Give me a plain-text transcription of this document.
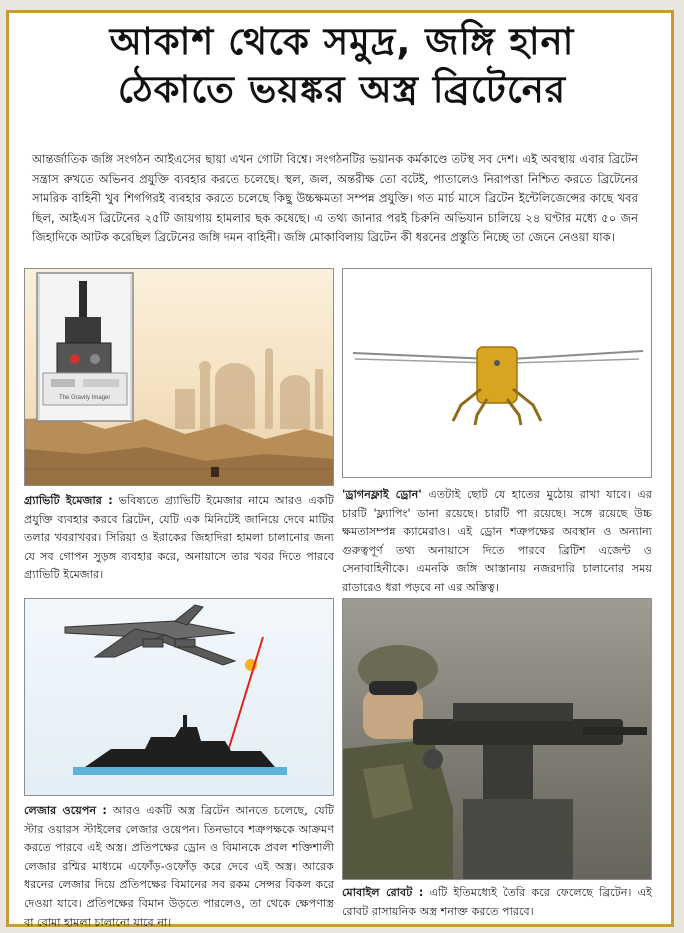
আকাশ থেকে সমুদ্র, জঙ্গি হানা
ঠেকাতে ভয়ঙ্কর অস্ত্র ব্রিটেনের
আন্তর্জাতিক জঙ্গি সংগঠন আইএসের ছায়া এখন গোটা বিশ্বে। সংগঠনটির ভয়ানক কর্মকাণ্ডে তটস্থ সব দেশ। এই অবস্থায় এবার ব্রিটেন সন্ত্রাস রুখতে অভিনব প্রযুক্তি ব্যবহার করতে চলেছে। স্থল, জল, অন্তরীক্ষ তো বটেই, পাতালেও নিরাপত্তা নিশ্চিত করতে ব্রিটেনের সামরিক বাহিনী খুব শিগগিরই ব্যবহার করতে চলেছে কিছু উচ্চক্ষমতা সম্পন্ন প্রযুক্তি। গত মার্চ মাসে ব্রিটেন ইন্টেলিজেন্সের কাছে খবর ছিল, আইএস ব্রিটেনের ২৫টি জায়গায় হামলার ছক কষেছে। এ তথ্য জানার পরই চিরুনি অভিযান চালিয়ে ২৪ ঘণ্টার মধ্যে ৫০ জন জিহাদিকে আটক করেছিল ব্রিটেনের জঙ্গি দমন বাহিনী। জঙ্গি মোকাবিলায় ব্রিটেন কী ধরনের প্রস্তুতি নিচ্ছে তা জেনে নেওয়া যাক।
The Gravity Imager
গ্র্যাভিটি ইমেজার : ভবিষ্যতে গ্র্যাভিটি ইমেজার নামে আরও একটি প্রযুক্তি ব্যবহার করবে ব্রিটেন, যেটি এক মিনিটেই জানিয়ে দেবে মাটির তলার খবরাখবর। সিরিয়া ও ইরাকের জিহাদিরা হামলা চালানোর জন্য যে সব গোপন সুড়ঙ্গ ব্যবহার করে, অনায়াসে তার খবর দিতে পারবে গ্র্যাভিটি ইমেজার।
'ড্রাগনফ্লাই ড্রোন' এতটাই ছোট যে হাতের মুঠোয় রাখা যাবে। এর চারটি 'ফ্ল্যাপিং' ডানা রয়েছে। চারটি পা রয়েছে। সঙ্গে রয়েছে উচ্চ ক্ষমতাসম্পন্ন ক্যামেরাও। এই ড্রোন শত্রুপক্ষের অবস্থান ও অন্যান্য গুরুত্বপূর্ণ তথ্য অনায়াসে দিতে পারবে ব্রিটিশ এজেন্ট ও সেনাবাহিনীকে। এমনকি জঙ্গি আস্তানায় নজরদারি চালানোর সময় রাডারেও ধরা পড়বে না এর অস্তিত্ব।
লেজার ওয়েপন : আরও একটি অস্ত্র ব্রিটেন আনতে চলেছে, যেটি স্টার ওয়ারস স্টাইলের লেজার ওয়েপন। তিনভাবে শত্রুপক্ষকে আক্রমণ করতে পারবে এই অস্ত্র। প্রতিপক্ষের ড্রোন ও বিমানকে প্রবল শক্তিশালী লেজার রশ্মির মাধ্যমে এফোঁড়-ওফোঁড় করে দেবে এই অস্ত্র। আরেক ধরনের লেজার দিয়ে প্রতিপক্ষের বিমানের সব রকম সেন্সর বিকল করে দেওয়া যাবে। প্রতিপক্ষের বিমান উড়তে পারলেও, তা থেকে ক্ষেপণাস্ত্র বা বোমা হামলা চালানো যাবে না।
মোবাইল রোবট : এটি ইতিমধ্যেই তৈরি করে ফেলেছে ব্রিটেন। এই রোবট রাসায়নিক অস্ত্র শনাক্ত করতে পারবে।
